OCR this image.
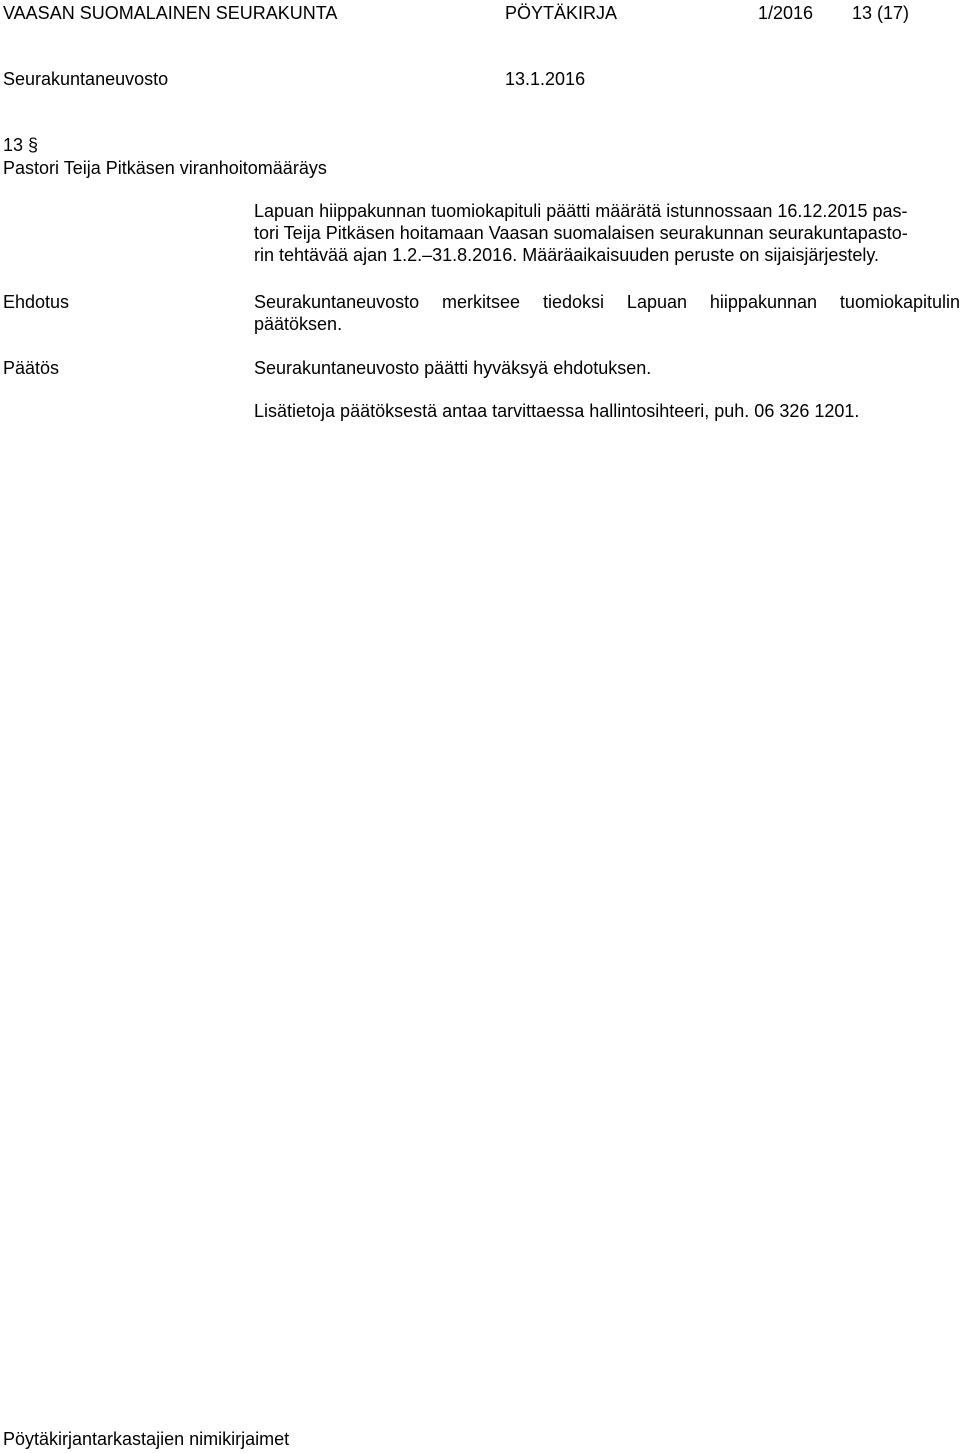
VAASAN SUOMALAINEN SEURAKUNTA	PÖYTÄKIRJA	1/2016 13 (17)
Seurakuntaneuvosto	13.1.2016
13 §
Pastori Teija Pitkäsen viranhoitomääräys
Lapuan hiippakunnan tuomiokapituli päätti määrätä istunnossaan 16.12.2015 pas-
tori Teija Pitkäsen hoitamaan Vaasan suomalaisen seurakunnan seurakuntapasto-
rin tehtävää ajan 1.2.–31.8.2016. Määräaikaisuuden peruste on sijaisjärjestely.
Ehdotus	Seurakuntaneuvosto merkitsee tiedoksi Lapuan hiippakunnan tuomiokapitulin päätöksen.
Päätös	Seurakuntaneuvosto päätti hyväksyä ehdotuksen.
Lisätietoja päätöksestä antaa tarvittaessa hallintosihteeri, puh. 06 326 1201.
Pöytäkirjantarkastajien nimikirjaimet
